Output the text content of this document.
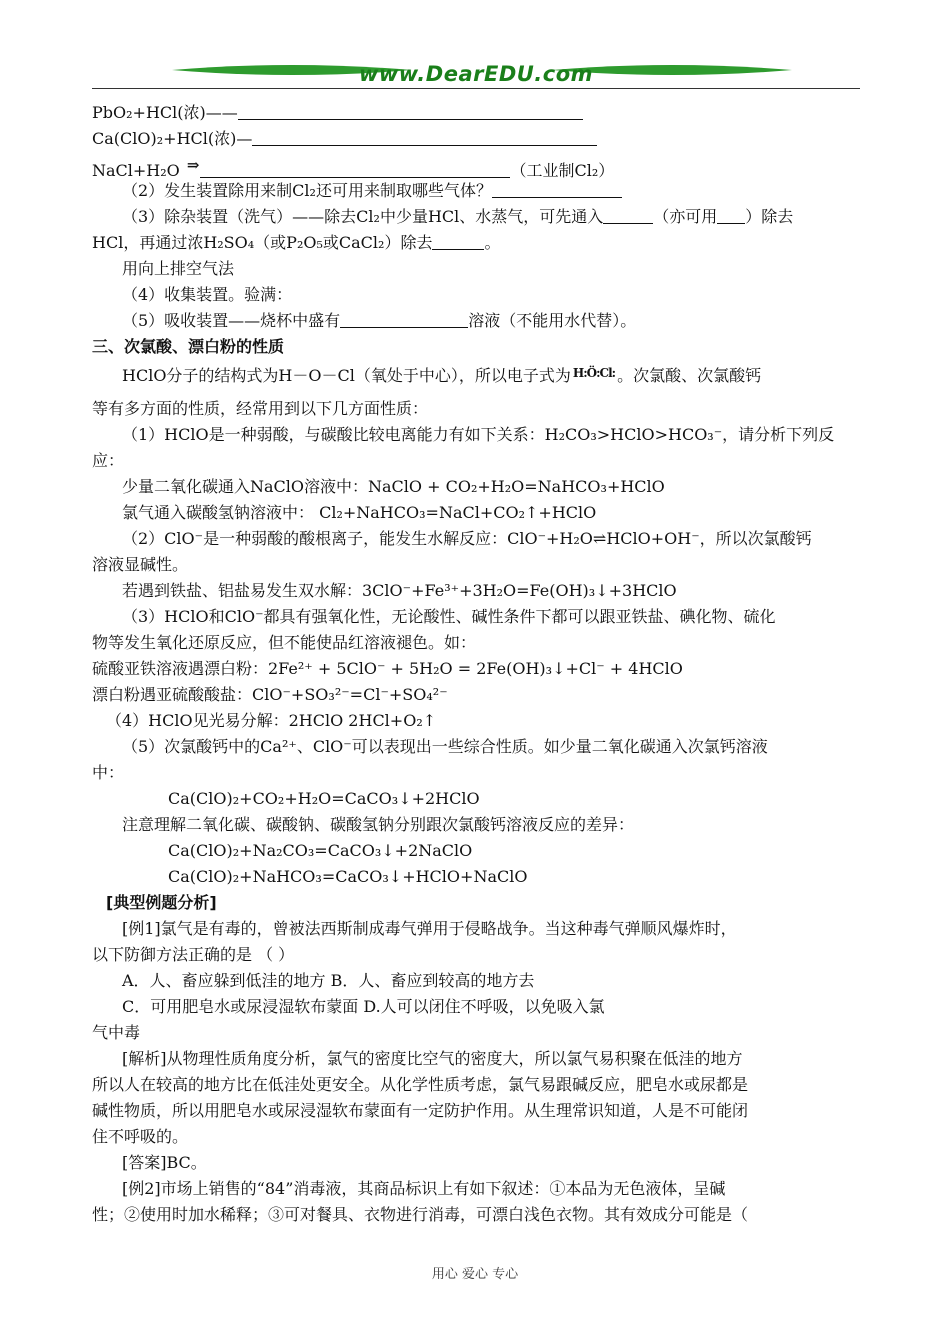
www.DearEDU.com
PbO₂+HCl(浓)——
Ca(ClO)₂+HCl(浓)—
NaCl+H₂O ⇒	（工业制Cl₂）
（2）发生装置除用来制Cl₂还可用来制取哪些气体？
（3）除杂装置（洗气）——除去Cl₂中少量HCl、水蒸气，可先通入	（亦可用 ）除去
HCl，再通过浓H₂SO₄（或P₂O₅或CaCl₂）除去	。
用向上排空气法
（4）收集装置。验满：
（5）吸收装置——烧杯中盛有	溶液（不能用水代替）。
三、次氯酸、漂白粉的性质
HClO分子的结构式为H－O－Cl（氧处于中心），所以电子式为 $^{H:Ö:Cl:}$ 。次氯酸、次氯酸钙
等有多方面的性质，经常用到以下几方面性质：
（1）HClO是一种弱酸，与碳酸比较电离能力有如下关系：H₂CO₃>HClO>HCO₃⁻，请分析下列反
应：
少量二氧化碳通入NaClO溶液中：NaClO + CO₂+H₂O=NaHCO₃+HClO
氯气通入碳酸氢钠溶液中： Cl₂+NaHCO₃=NaCl+CO₂↑+HClO
（2）ClO⁻是一种弱酸的酸根离子，能发生水解反应：ClO⁻+H₂O⇌HClO+OH⁻，所以次氯酸钙
溶液显碱性。
若遇到铁盐、铝盐易发生双水解：3ClO⁻+Fe³⁺+3H₂O=Fe(OH)₃↓+3HClO
（3）HClO和ClO⁻都具有强氧化性，无论酸性、碱性条件下都可以跟亚铁盐、碘化物、硫化
物等发生氧化还原反应，但不能使品红溶液褪色。如：
硫酸亚铁溶液遇漂白粉：2Fe²⁺ + 5ClO⁻ + 5H₂O = 2Fe(OH)₃↓+Cl⁻ + 4HClO
漂白粉遇亚硫酸酸盐：ClO⁻+SO₃²⁻=Cl⁻+SO₄²⁻
（4）HClO见光易分解：2HClO 2HCl+O₂↑
（5）次氯酸钙中的Ca²⁺、ClO⁻可以表现出一些综合性质。如少量二氧化碳通入次氯钙溶液
中：
Ca(ClO)₂+CO₂+H₂O=CaCO₃↓+2HClO
注意理解二氧化碳、碳酸钠、碳酸氢钠分别跟次氯酸钙溶液反应的差异：
Ca(ClO)₂+Na₂CO₃=CaCO₃↓+2NaClO
Ca(ClO)₂+NaHCO₃=CaCO₃↓+HClO+NaClO
[典型例题分析]
[例1]氯气是有毒的，曾被法西斯制成毒气弹用于侵略战争。当这种毒气弹顺风爆炸时，
以下防御方法正确的是 （ ）
A．人、畜应躲到低洼的地方 B．人、畜应到较高的地方去
C．可用肥皂水或尿浸湿软布蒙面 D.人可以闭住不呼吸，以免吸入氯
气中毒
[解析]从物理性质角度分析，氯气的密度比空气的密度大，所以氯气易积聚在低洼的地方
所以人在较高的地方比在低洼处更安全。从化学性质考虑，氯气易跟碱反应，肥皂水或尿都是
碱性物质，所以用肥皂水或尿浸湿软布蒙面有一定防护作用。从生理常识知道，人是不可能闭
住不呼吸的。
[答案]BC。
[例2]市场上销售的“84”消毒液，其商品标识上有如下叙述：①本品为无色液体，呈碱
性；②使用时加水稀释；③可对餐具、衣物进行消毒，可漂白浅色衣物。其有效成分可能是（
用心 爱心 专心
